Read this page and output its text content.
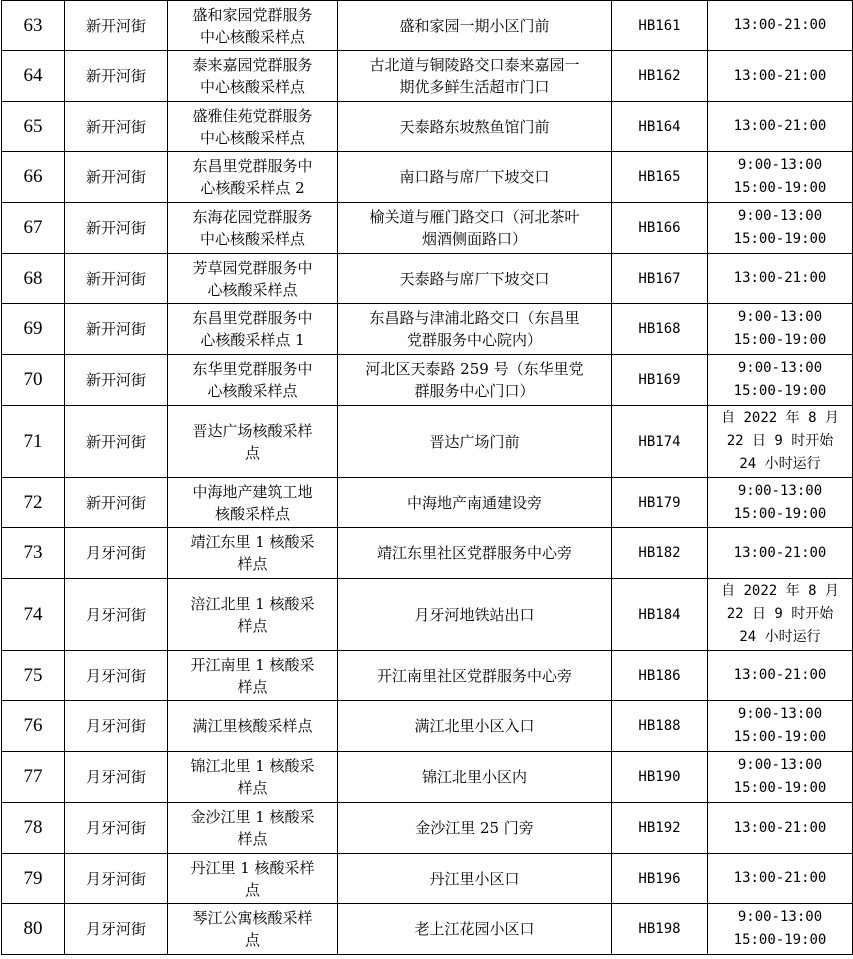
63	新开河街	盛和家园党群服务
中心核酸采样点	盛和家园一期小区门前	HB161	13:00-21:00

64	新开河街	泰来嘉园党群服务
中心核酸采样点	古北道与铜陵路交口泰来嘉园一
期优多鲜生活超市门口	HB162	13:00-21:00

65	新开河街	盛雅佳苑党群服务
中心核酸采样点	天泰路东坡熬鱼馆门前	HB164	13:00-21:00

66	新开河街	东昌里党群服务中
心核酸采样点 2	南口路与席厂下坡交口	HB165	9:00-13:00
15:00-19:00

67	新开河街	东海花园党群服务
中心核酸采样点	榆关道与雁门路交口（河北茶叶
烟酒侧面路口）	HB166	9:00-13:00
15:00-19:00

68	新开河街	芳草园党群服务中
心核酸采样点	天泰路与席厂下坡交口	HB167	13:00-21:00

69	新开河街	东昌里党群服务中
心核酸采样点 1	东昌路与津浦北路交口（东昌里
党群服务中心院内）	HB168	9:00-13:00
15:00-19:00

70	新开河街	东华里党群服务中
心核酸采样点	河北区天泰路 259 号（东华里党
群服务中心门口）	HB169	9:00-13:00
15:00-19:00

71	新开河街	晋达广场核酸采样
点	晋达广场门前	HB174	自 2022 年 8 月
22 日 9 时开始
24 小时运行

72	新开河街	中海地产建筑工地
核酸采样点	中海地产南通建设旁	HB179	9:00-13:00
15:00-19:00

73	月牙河街	靖江东里 1 核酸采
样点	靖江东里社区党群服务中心旁	HB182	13:00-21:00

74	月牙河街	涪江北里 1 核酸采
样点	月牙河地铁站出口	HB184	自 2022 年 8 月
22 日 9 时开始
24 小时运行

75	月牙河街	开江南里 1 核酸采
样点	开江南里社区党群服务中心旁	HB186	13:00-21:00

76	月牙河街	满江里核酸采样点	满江北里小区入口	HB188	9:00-13:00
15:00-19:00

77	月牙河街	锦江北里 1 核酸采
样点	锦江北里小区内	HB190	9:00-13:00
15:00-19:00

78	月牙河街	金沙江里 1 核酸采
样点	金沙江里 25 门旁	HB192	13:00-21:00

79	月牙河街	丹江里 1 核酸采样
点	丹江里小区口	HB196	13:00-21:00

80	月牙河街	琴江公寓核酸采样
点	老上江花园小区口	HB198	9:00-13:00
15:00-19:00
